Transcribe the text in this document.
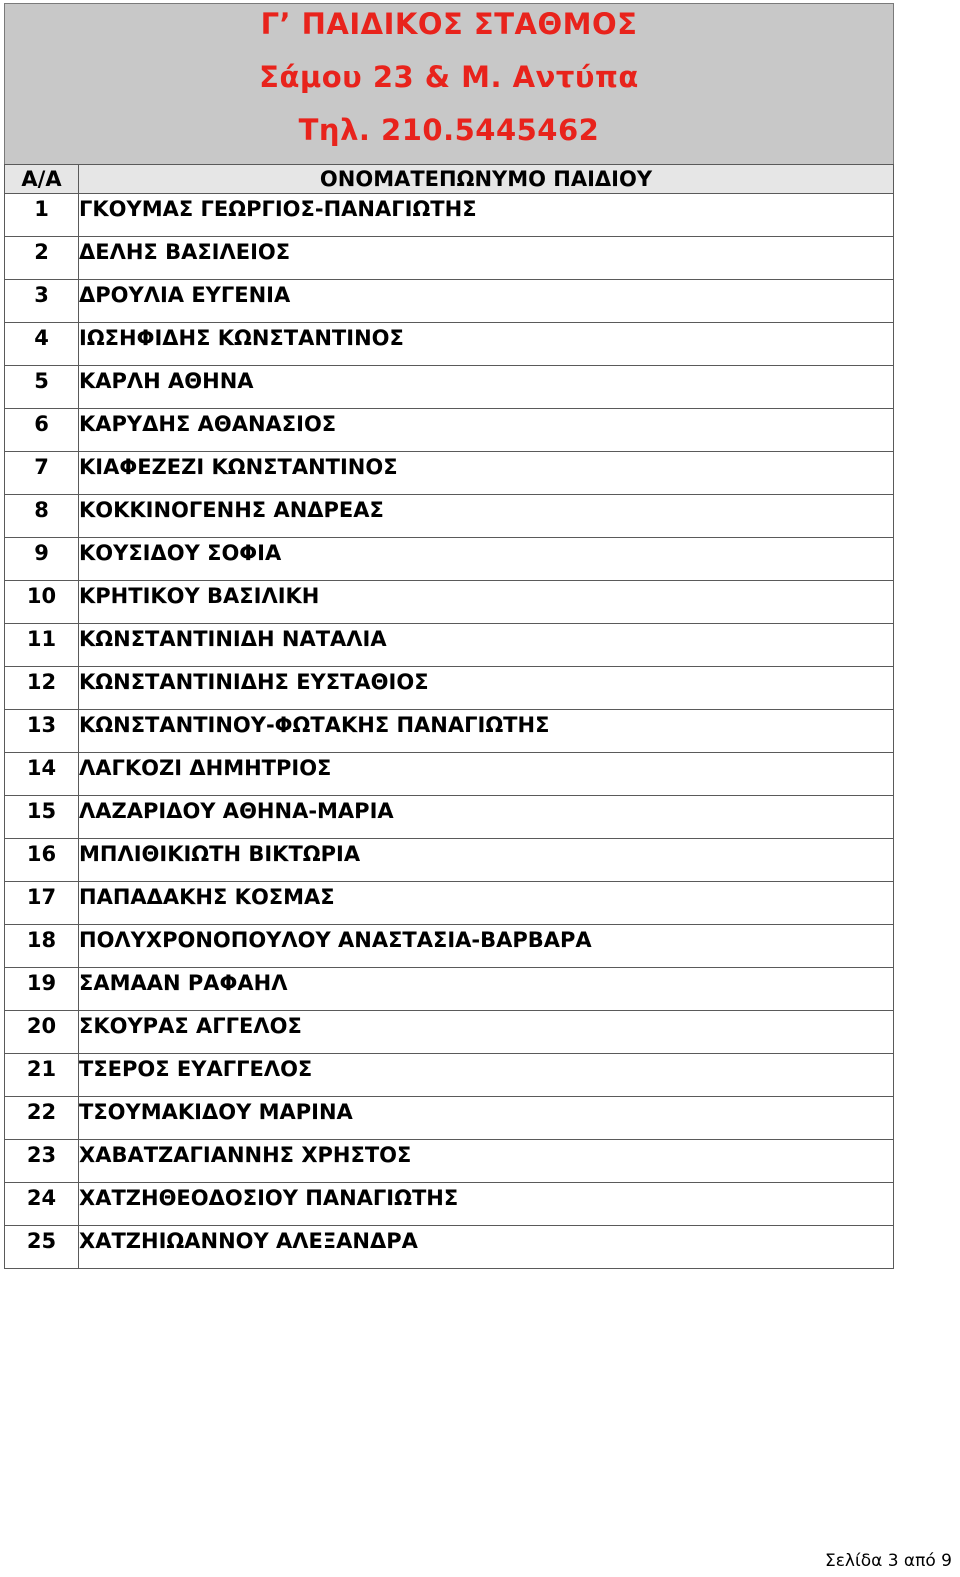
Γ’ ΠΑΙΔΙΚΟΣ ΣΤΑΘΜΟΣ
Σάμου 23 & Μ. Αντύπα
Τηλ. 210.5445462
Α/Α	ΟΝΟΜΑΤΕΠΩΝΥΜΟ ΠΑΙΔΙΟΥ
1	ΓΚΟΥΜΑΣ ΓΕΩΡΓΙΟΣ-ΠΑΝΑΓΙΩΤΗΣ
2	ΔΕΛΗΣ ΒΑΣΙΛΕΙΟΣ
3	ΔΡΟΥΛΙΑ ΕΥΓΕΝΙΑ
4	ΙΩΣΗΦΙΔΗΣ ΚΩΝΣΤΑΝΤΙΝΟΣ
5	ΚΑΡΛΗ ΑΘΗΝΑ
6	ΚΑΡΥΔΗΣ ΑΘΑΝΑΣΙΟΣ
7	ΚΙΑΦΕΖΕΖΙ ΚΩΝΣΤΑΝΤΙΝΟΣ
8	ΚΟΚΚΙΝΟΓΕΝΗΣ ΑΝΔΡΕΑΣ
9	ΚΟΥΣΙΔΟΥ ΣΟΦΙΑ
10	ΚΡΗΤΙΚΟΥ ΒΑΣΙΛΙΚΗ
11	ΚΩΝΣΤΑΝΤΙΝΙΔΗ ΝΑΤΑΛΙΑ
12	ΚΩΝΣΤΑΝΤΙΝΙΔΗΣ ΕΥΣΤΑΘΙΟΣ
13	ΚΩΝΣΤΑΝΤΙΝΟΥ-ΦΩΤΑΚΗΣ ΠΑΝΑΓΙΩΤΗΣ
14	ΛΑΓΚΟΖΙ ΔΗΜΗΤΡΙΟΣ
15	ΛΑΖΑΡΙΔΟΥ ΑΘΗΝΑ-ΜΑΡΙΑ
16	ΜΠΛΙΘΙΚΙΩΤΗ ΒΙΚΤΩΡΙΑ
17	ΠΑΠΑΔΑΚΗΣ ΚΟΣΜΑΣ
18	ΠΟΛΥΧΡΟΝΟΠΟΥΛΟΥ ΑΝΑΣΤΑΣΙΑ-ΒΑΡΒΑΡΑ
19	ΣΑΜΑΑΝ ΡΑΦΑΗΛ
20	ΣΚΟΥΡΑΣ ΑΓΓΕΛΟΣ
21	ΤΣΕΡΟΣ ΕΥΑΓΓΕΛΟΣ
22	ΤΣΟΥΜΑΚΙΔΟΥ ΜΑΡΙΝΑ
23	ΧΑΒΑΤΖΑΓΙΑΝΝΗΣ ΧΡΗΣΤΟΣ
24	ΧΑΤΖΗΘΕΟΔΟΣΙΟΥ ΠΑΝΑΓΙΩΤΗΣ
25	ΧΑΤΖΗΙΩΑΝΝΟΥ ΑΛΕΞΑΝΔΡΑ
Σελίδα 3 από 9
